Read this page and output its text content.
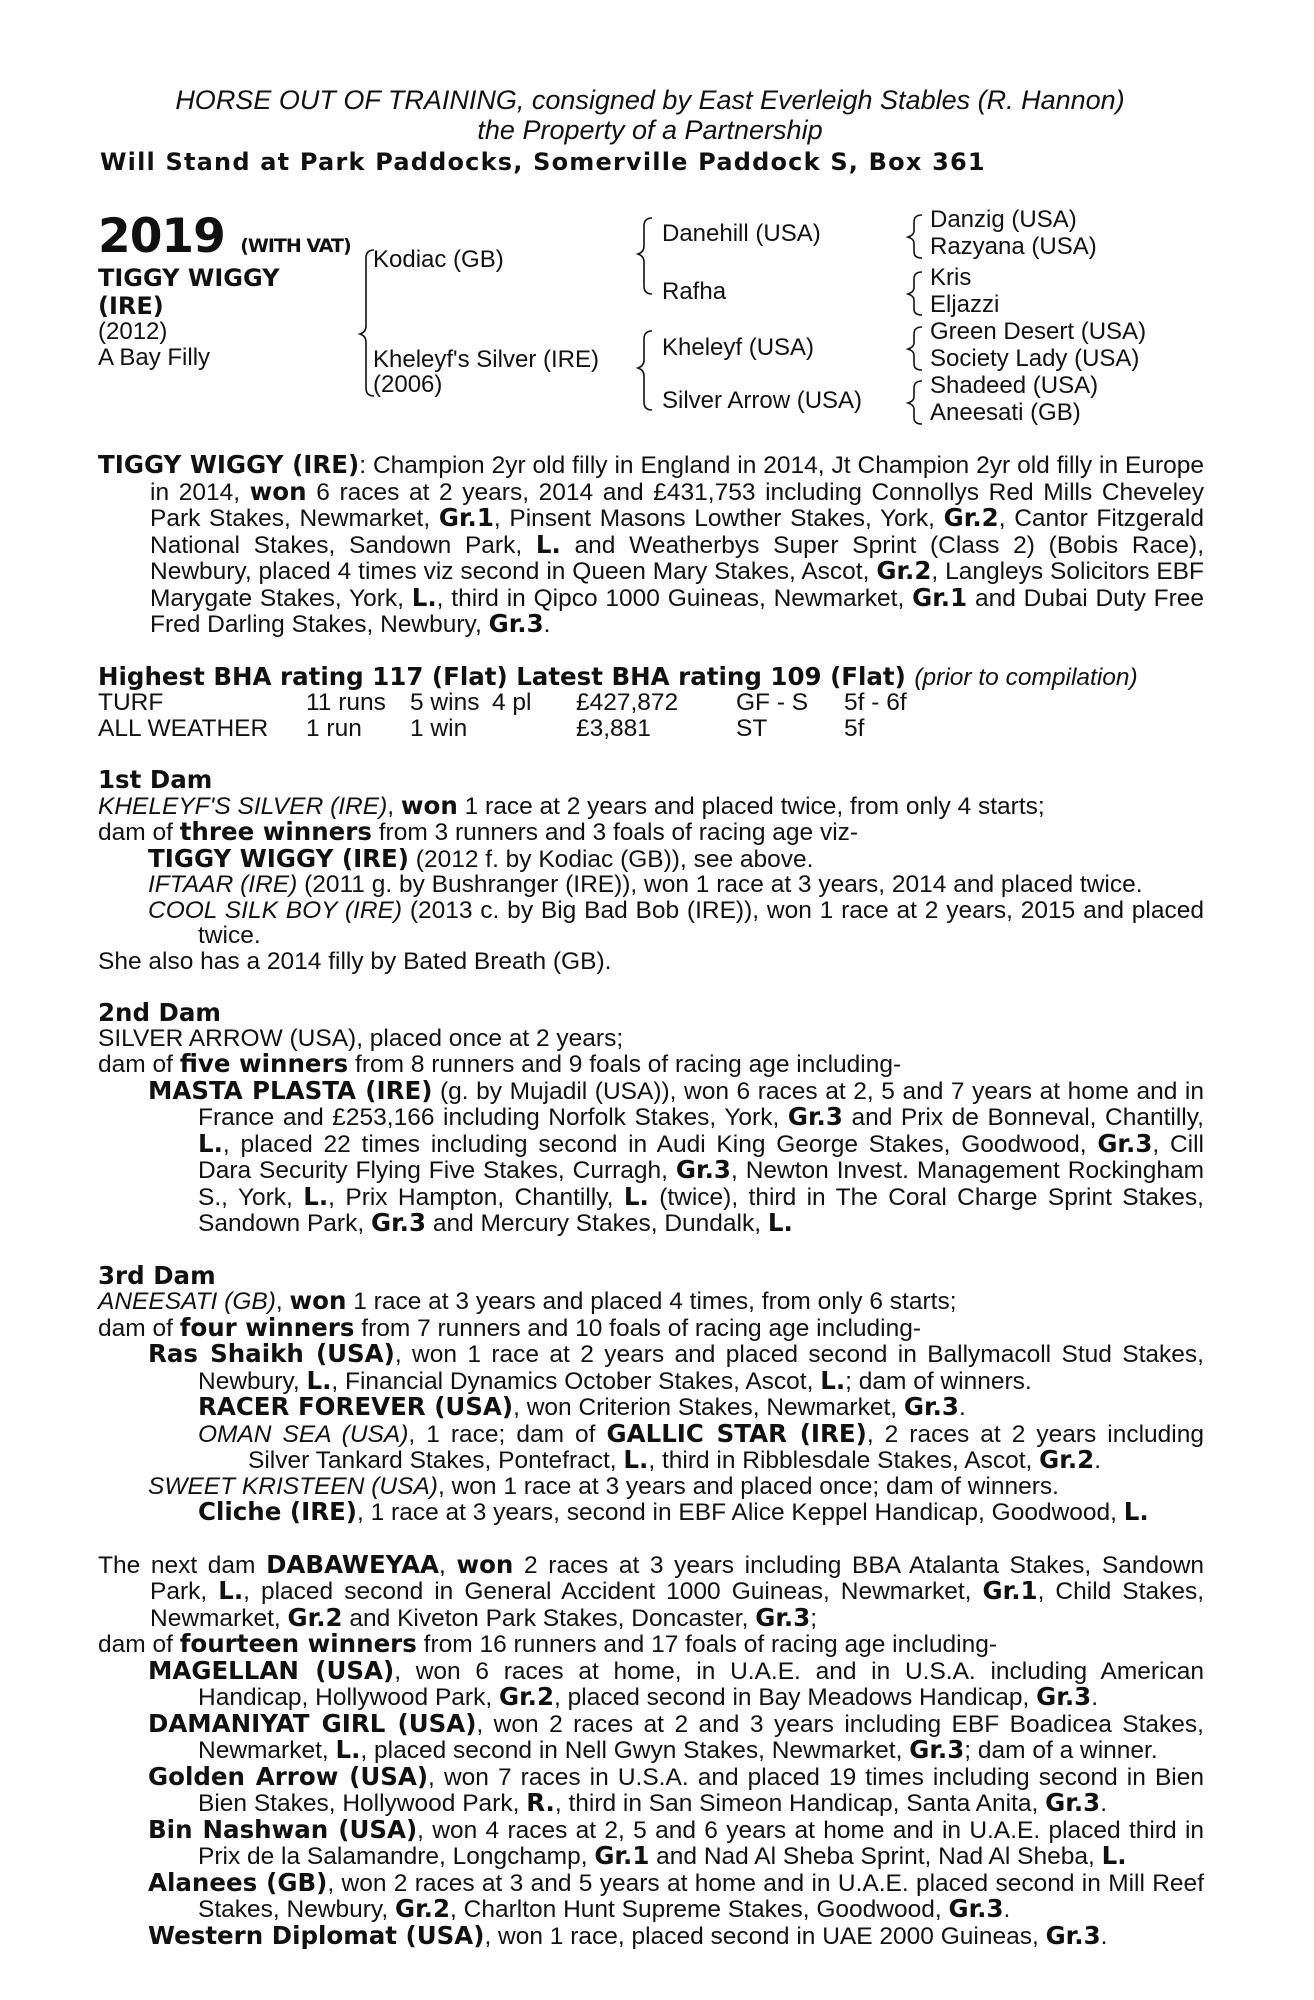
HORSE OUT OF TRAINING, consigned by East Everleigh Stables (R. Hannon)
the Property of a Partnership
Will Stand at Park Paddocks, Somerville Paddock S, Box 361
2019 (WITH VAT)
TIGGY WIGGY
(IRE)
(2012)
A Bay Filly
Kodiac (GB)
Kheleyf's Silver (IRE)
(2006)
Danehill (USA)
Rafha
Kheleyf (USA)
Silver Arrow (USA)
Danzig (USA)
Razyana (USA)
Kris
Eljazzi
Green Desert (USA)
Society Lady (USA)
Shadeed (USA)
Aneesati (GB)

TIGGY WIGGY (IRE): Champion 2yr old filly in England in 2014, Jt Champion 2yr old filly in Europe in 2014, won 6 races at 2 years, 2014 and £431,753 including Connollys Red Mills Cheveley Park Stakes, Newmarket, Gr.1, Pinsent Masons Lowther Stakes, York, Gr.2, Cantor Fitzgerald National Stakes, Sandown Park, L. and Weatherbys Super Sprint (Class 2) (Bobis Race), Newbury, placed 4 times viz second in Queen Mary Stakes, Ascot, Gr.2, Langleys Solicitors EBF Marygate Stakes, York, L., third in Qipco 1000 Guineas, Newmarket, Gr.1 and Dubai Duty Free Fred Darling Stakes, Newbury, Gr.3.

Highest BHA rating 117 (Flat) Latest BHA rating 109 (Flat) (prior to compilation)

TURF	11 runs	5 wins	4 pl	£427,872	GF - S	5f - 6f
ALL WEATHER	1 run	1 win		£3,881	ST	5f

1st Dam

KHELEYF'S SILVER (IRE), won 1 race at 2 years and placed twice, from only 4 starts;

dam of three winners from 3 runners and 3 foals of racing age viz-

TIGGY WIGGY (IRE) (2012 f. by Kodiac (GB)), see above.

IFTAAR (IRE) (2011 g. by Bushranger (IRE)), won 1 race at 3 years, 2014 and placed twice.

COOL SILK BOY (IRE) (2013 c. by Big Bad Bob (IRE)), won 1 race at 2 years, 2015 and placed twice.

She also has a 2014 filly by Bated Breath (GB).

2nd Dam

SILVER ARROW (USA), placed once at 2 years;

dam of five winners from 8 runners and 9 foals of racing age including-

MASTA PLASTA (IRE) (g. by Mujadil (USA)), won 6 races at 2, 5 and 7 years at home and in France and £253,166 including Norfolk Stakes, York, Gr.3 and Prix de Bonneval, Chantilly, L., placed 22 times including second in Audi King George Stakes, Goodwood, Gr.3, Cill Dara Security Flying Five Stakes, Curragh, Gr.3, Newton Invest. Management Rockingham S., York, L., Prix Hampton, Chantilly, L. (twice), third in The Coral Charge Sprint Stakes, Sandown Park, Gr.3 and Mercury Stakes, Dundalk, L.

3rd Dam

ANEESATI (GB), won 1 race at 3 years and placed 4 times, from only 6 starts;

dam of four winners from 7 runners and 10 foals of racing age including-

Ras Shaikh (USA), won 1 race at 2 years and placed second in Ballymacoll Stud Stakes, Newbury, L., Financial Dynamics October Stakes, Ascot, L.; dam of winners.

RACER FOREVER (USA), won Criterion Stakes, Newmarket, Gr.3.

OMAN SEA (USA), 1 race; dam of GALLIC STAR (IRE), 2 races at 2 years including Silver Tankard Stakes, Pontefract, L., third in Ribblesdale Stakes, Ascot, Gr.2.

SWEET KRISTEEN (USA), won 1 race at 3 years and placed once; dam of winners.

Cliche (IRE), 1 race at 3 years, second in EBF Alice Keppel Handicap, Goodwood, L.

The next dam DABAWEYAA, won 2 races at 3 years including BBA Atalanta Stakes, Sandown Park, L., placed second in General Accident 1000 Guineas, Newmarket, Gr.1, Child Stakes, Newmarket, Gr.2 and Kiveton Park Stakes, Doncaster, Gr.3;

dam of fourteen winners from 16 runners and 17 foals of racing age including-

MAGELLAN (USA), won 6 races at home, in U.A.E. and in U.S.A. including American Handicap, Hollywood Park, Gr.2, placed second in Bay Meadows Handicap, Gr.3.

DAMANIYAT GIRL (USA), won 2 races at 2 and 3 years including EBF Boadicea Stakes, Newmarket, L., placed second in Nell Gwyn Stakes, Newmarket, Gr.3; dam of a winner.

Golden Arrow (USA), won 7 races in U.S.A. and placed 19 times including second in Bien Bien Stakes, Hollywood Park, R., third in San Simeon Handicap, Santa Anita, Gr.3.

Bin Nashwan (USA), won 4 races at 2, 5 and 6 years at home and in U.A.E. placed third in Prix de la Salamandre, Longchamp, Gr.1 and Nad Al Sheba Sprint, Nad Al Sheba, L.

Alanees (GB), won 2 races at 3 and 5 years at home and in U.A.E. placed second in Mill Reef Stakes, Newbury, Gr.2, Charlton Hunt Supreme Stakes, Goodwood, Gr.3.

Western Diplomat (USA), won 1 race, placed second in UAE 2000 Guineas, Gr.3.
